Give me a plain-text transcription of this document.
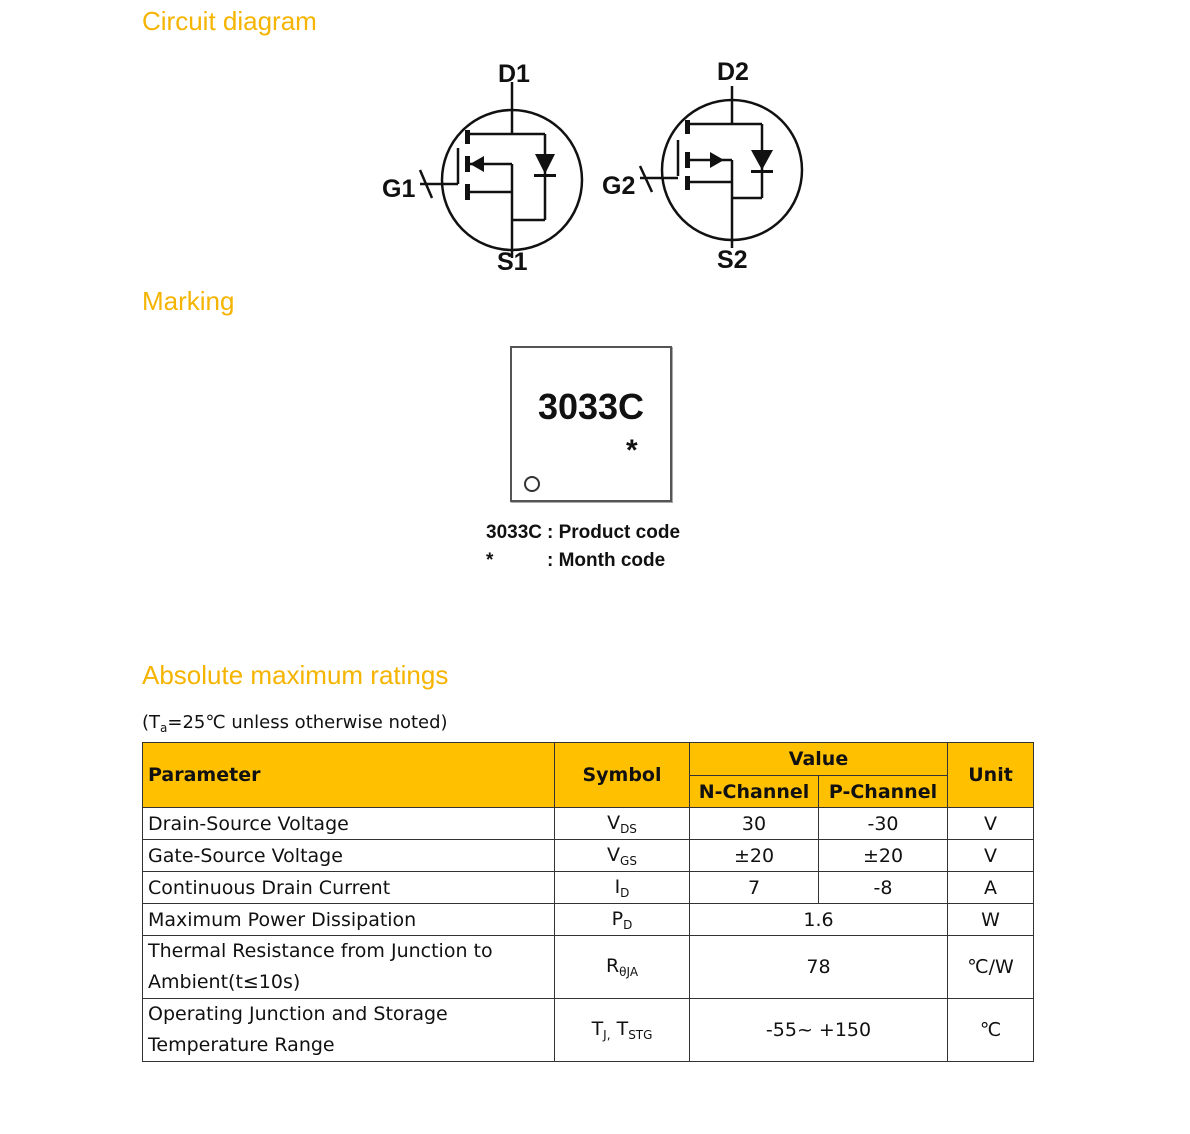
Circuit diagram
D1
G1
S1
D2
G2
S2
Marking
3033C
*
3033C : Product code
*	: Month code
Absolute maximum ratings
($T_a=25℃$ unless otherwise noted)
Parameter	Symbol	Value		Unit
		N-Channel	P-Channel	
Drain-Source Voltage	$V_{DS}$	30	-30	V
Gate-Source Voltage	$V_{GS}$	±20	±20	V
Continuous Drain Current	$I_D$	7	-8	A
Maximum Power Dissipation	$P_D$	1.6		W
Thermal Resistance from Junction to
Ambient(t≤10s)	$R_{\theta JA}$	78		℃/W
Operating Junction and Storage
Temperature Range	$T_{J,}$ $T_{STG}$	-55~ +150		℃
